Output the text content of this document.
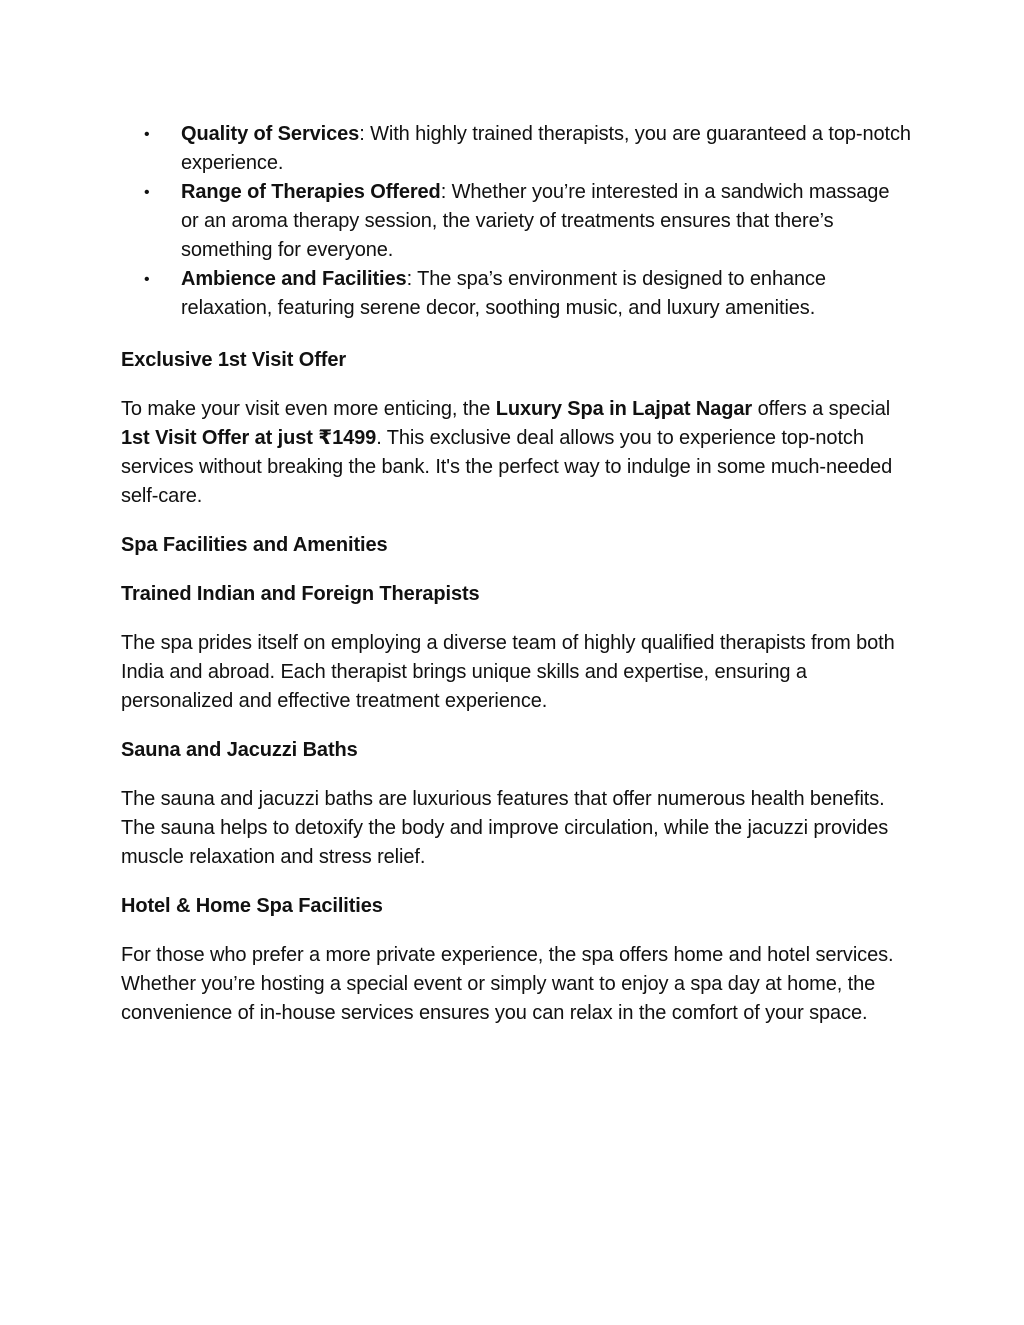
• Quality of Services: With highly trained therapists, you are guaranteed a top-notch experience.
• Range of Therapies Offered: Whether you’re interested in a sandwich massage or an aroma therapy session, the variety of treatments ensures that there’s something for everyone.
• Ambience and Facilities: The spa’s environment is designed to enhance relaxation, featuring serene decor, soothing music, and luxury amenities.

Exclusive 1st Visit Offer

To make your visit even more enticing, the Luxury Spa in Lajpat Nagar offers a special 1st Visit Offer at just ₹1499. This exclusive deal allows you to experience top-notch services without breaking the bank. It's the perfect way to indulge in some much-needed self-care.

Spa Facilities and Amenities

Trained Indian and Foreign Therapists

The spa prides itself on employing a diverse team of highly qualified therapists from both India and abroad. Each therapist brings unique skills and expertise, ensuring a personalized and effective treatment experience.

Sauna and Jacuzzi Baths

The sauna and jacuzzi baths are luxurious features that offer numerous health benefits. The sauna helps to detoxify the body and improve circulation, while the jacuzzi provides muscle relaxation and stress relief.

Hotel & Home Spa Facilities

For those who prefer a more private experience, the spa offers home and hotel services. Whether you’re hosting a special event or simply want to enjoy a spa day at home, the convenience of in-house services ensures you can relax in the comfort of your space.
